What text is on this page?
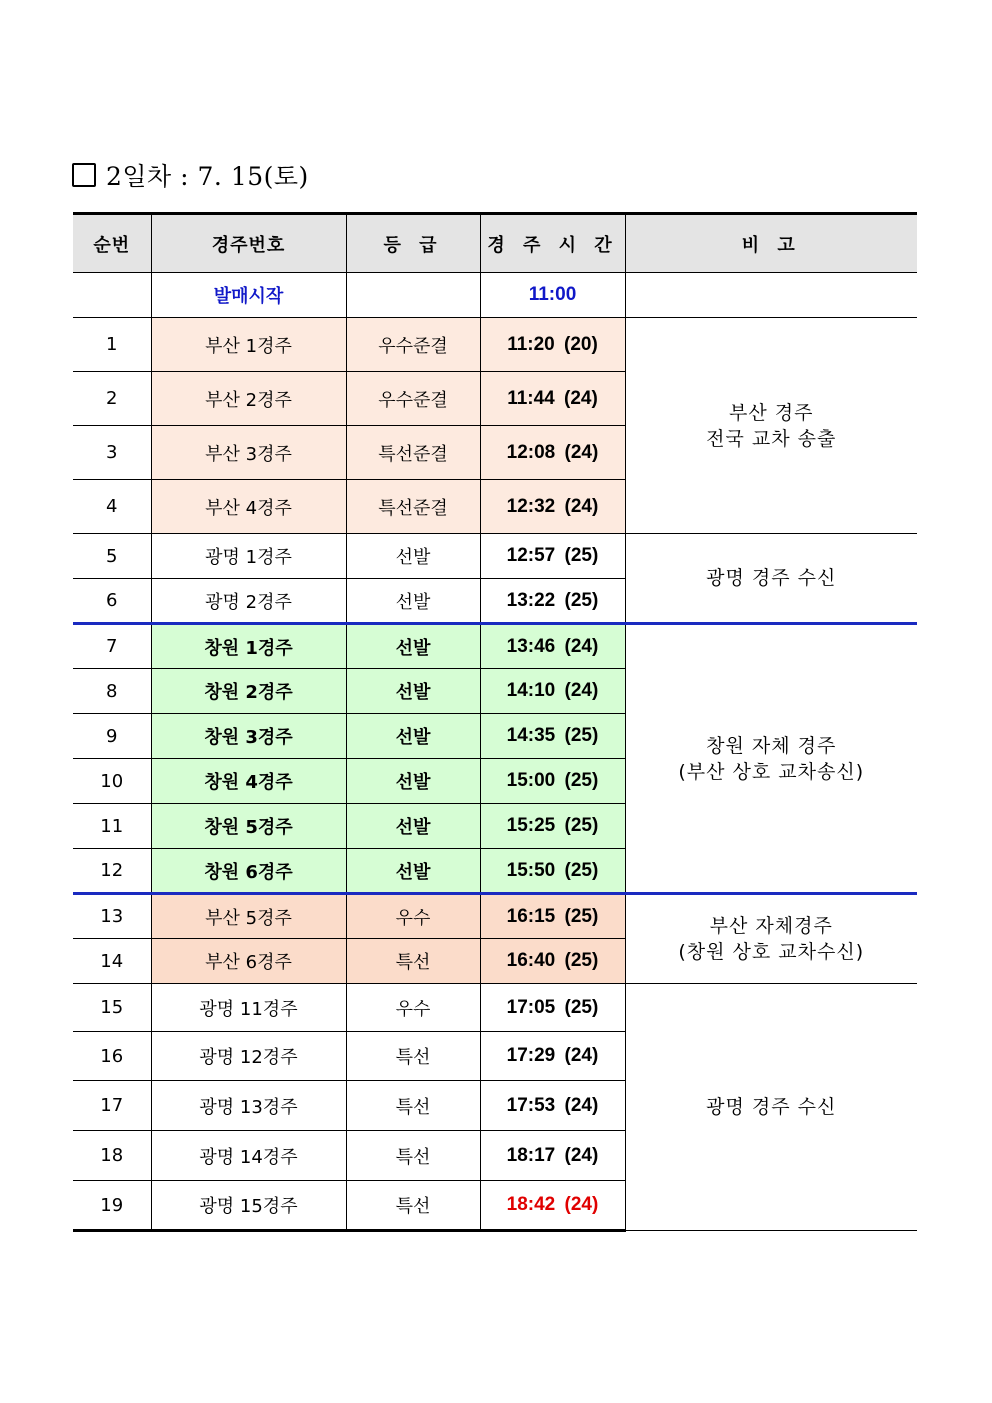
2일차 : 7. 15(토)
순번	경주번호	등 급	경 주 시 간	비 고
	발매시작		11:00	
1	부산 1경주	우수준결	11:20 (20)	부산 경주
전국 교차 송출

2	부산 2경주	우수준결	11:44 (24)	
3	부산 3경주	특선준결	12:08 (24)	
4	부산 4경주	특선준결	12:32 (24)	
5	광명 1경주	선발	12:57 (25)	광명 경주 수신

6	광명 2경주	선발	13:22 (25)	
7	창원 1경주	선발	13:46 (24)	창원 자체 경주
(부산 상호 교차송신)

8	창원 2경주	선발	14:10 (24)	
9	창원 3경주	선발	14:35 (25)	
10	창원 4경주	선발	15:00 (25)	
11	창원 5경주	선발	15:25 (25)	
12	창원 6경주	선발	15:50 (25)	
13	부산 5경주	우수	16:15 (25)	부산 자체경주
(창원 상호 교차수신)

14	부산 6경주	특선	16:40 (25)	
15	광명 11경주	우수	17:05 (25)	광명 경주 수신

16	광명 12경주	특선	17:29 (24)	
17	광명 13경주	특선	17:53 (24)	
18	광명 14경주	특선	18:17 (24)	
19	광명 15경주	특선	18:42 (24)	
